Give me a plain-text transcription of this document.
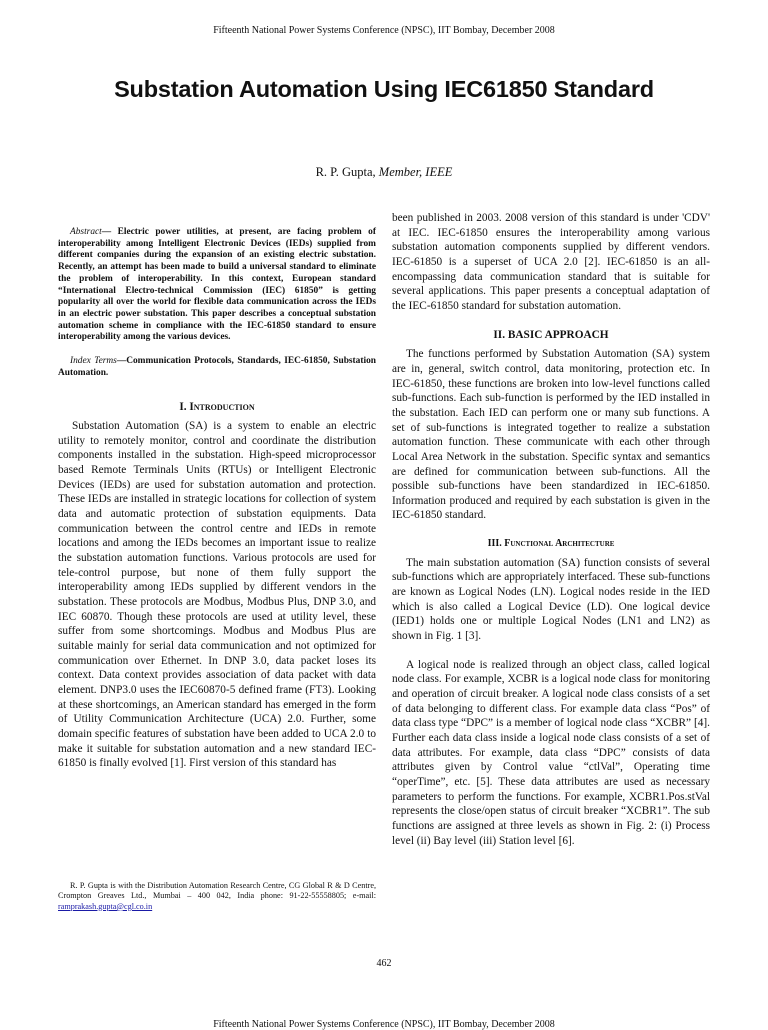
Fifteenth National Power Systems Conference (NPSC), IIT Bombay, December 2008
Substation Automation Using IEC61850 Standard
R. P. Gupta, Member, IEEE

Abstract— Electric power utilities, at present, are facing problem of interoperability among Intelligent Electronic Devices (IEDs) supplied from different companies during the expansion of an existing electric substation. Recently, an attempt has been made to build a universal standard to eliminate the problem of interoperability. In this context, European standard “International Electro-technical Commission (IEC) 61850” is getting popularity all over the world for flexible data communication across the IEDs in an electric power substation. This paper describes a conceptual substation automation scheme in compliance with the IEC-61850 standard to ensure interoperability among the various devices.

Index Terms—Communication Protocols, Standards, IEC-61850, Substation Automation.

I. Introduction

Substation Automation (SA) is a system to enable an electric utility to remotely monitor, control and coordinate the distribution components installed in the substation. High-speed microprocessor based Remote Terminals Units (RTUs) or Intelligent Electronic Devices (IEDs) are used for substation automation and protection. These IEDs are installed in strategic locations for collection of system data and automatic protection of substation equipments. Data communication between the control centre and IEDs in remote locations and among the IEDs becomes an important issue to realize the substation automation functions. Various protocols are used for tele-control purpose, but none of them fully support the interoperability among IEDs supplied by different vendors in the substation. These protocols are Modbus, Modbus Plus, DNP 3.0, and IEC 60870. Though these protocols are used at utility level, these suffer from some shortcomings. Modbus and Modbus Plus are suitable mainly for serial data communication and not optimized for communication over Ethernet. In DNP 3.0, data packet loses its context. Data context provides association of data packet with data element. DNP3.0 uses the IEC60870-5 defined frame (FT3). Looking at these shortcomings, an American standard has emerged in the form of Utility Communication Architecture (UCA) 2.0. Further, some domain specific features of substation have been added to UCA 2.0 to make it suitable for substation automation and a new standard IEC-61850 is finally evolved [1]. First version of this standard has

R. P. Gupta is with the Distribution Automation Research Centre, CG Global R & D Centre, Crompton Greaves Ltd., Mumbai – 400 042, India phone: 91-22-55558805; e-mail: ramprakash.gupta@cgl.co.in

been published in 2003. 2008 version of this standard is under 'CDV' at IEC. IEC-61850 ensures the interoperability among various substation automation components supplied by different vendors. IEC-61850 is a superset of UCA 2.0 [2]. IEC-61850 is an all-encompassing data communication standard that is suitable for several applications. This paper presents a conceptual adaptation of the IEC-61850 standard for substation automation.

II. BASIC APPROACH

The functions performed by Substation Automation (SA) system are in, general, switch control, data monitoring, protection etc. In IEC-61850, these functions are broken into low-level functions called sub-functions. Each sub-function is performed by the IED installed in the substation. Each IED can perform one or many sub functions. A set of sub-functions is integrated together to realize a substation automation function. These communicate with each other through Local Area Network in the substation. Specific syntax and semantics are defined for communication between sub-functions. All the possible sub-functions have been standardized in IEC-61850. Information produced and required by each substation is given in the IEC-61850 standard.

III. Functional Architecture

The main substation automation (SA) function consists of several sub-functions which are appropriately interfaced. These sub-functions are known as Logical Nodes (LN). Logical nodes reside in the IED which is also called a Logical Device (LD). One logical device (IED1) holds one or multiple Logical Nodes (LN1 and LN2) as shown in Fig. 1 [3].

A logical node is realized through an object class, called logical node class. For example, XCBR is a logical node class for monitoring and operation of circuit breaker. A logical node class consists of a set of data belonging to different class. For example data class “Pos” of data class type “DPC” is a member of logical node class “XCBR” [4]. Further each data class inside a logical node class consists of a set of data attributes. For example, data class “DPC” consists of data attributes given by Control value “ctlVal”, Operating time “operTime”, etc. [5]. These data attributes are used as necessary parameters to perform the functions. For example, XCBR1.Pos.stVal represents the close/open status of circuit breaker “XCBR1”. The sub functions are assigned at three levels as shown in Fig. 2: (i) Process level (ii) Bay level (iii) Station level [6].

462
Fifteenth National Power Systems Conference (NPSC), IIT Bombay, December 2008
